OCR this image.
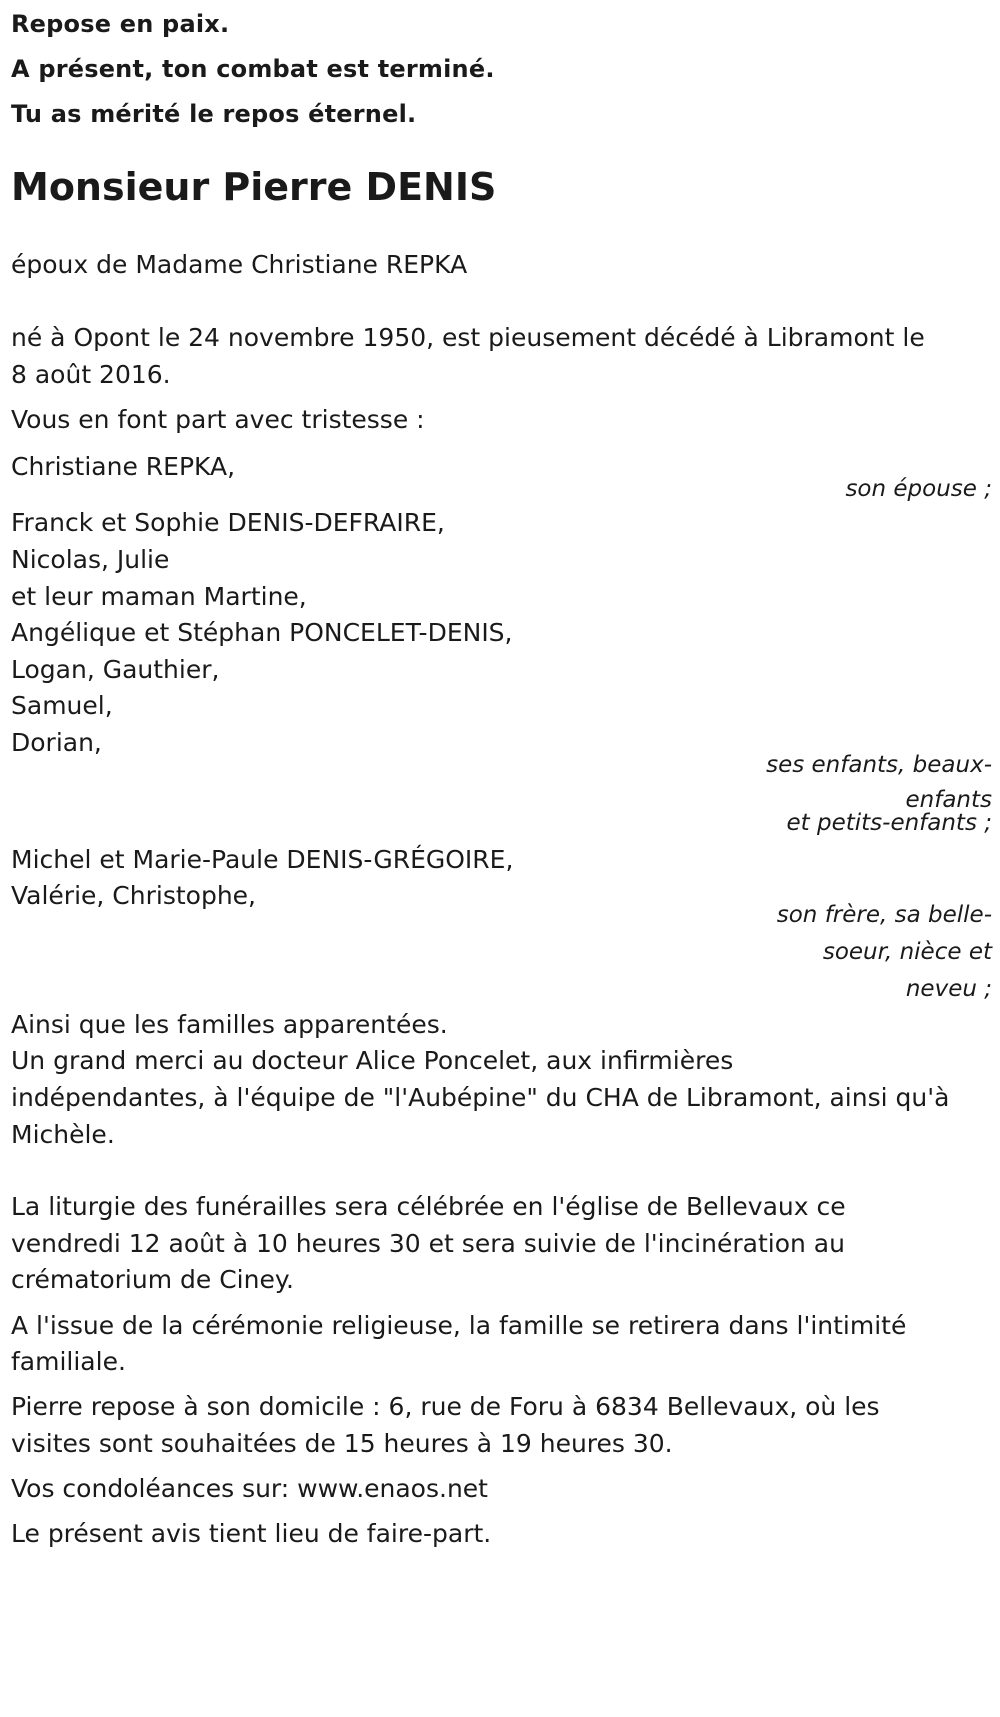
Repose en paix.

A présent, ton combat est terminé.

Tu as mérité le repos éternel.

Monsieur Pierre DENIS

époux de Madame Christiane REPKA

né à Opont le 24 novembre 1950, est pieusement décédé à Libramont le

8 août 2016.

Vous en font part avec tristesse :

Christiane REPKA,

son épouse ;

Franck et Sophie DENIS-DEFRAIRE,

Nicolas, Julie

et leur maman Martine,

Angélique et Stéphan PONCELET-DENIS,

Logan, Gauthier,

Samuel,

Dorian,

ses enfants, beaux-

enfants

et petits-enfants ;

Michel et Marie-Paule DENIS-GRÉGOIRE,

Valérie, Christophe,

son frère, sa belle-

soeur, nièce et

neveu ;

Ainsi que les familles apparentées.

Un grand merci au docteur Alice Poncelet, aux infirmières

indépendantes, à l'équipe de "l'Aubépine" du CHA de Libramont, ainsi qu'à

Michèle.

La liturgie des funérailles sera célébrée en l'église de Bellevaux ce

vendredi 12 août à 10 heures 30 et sera suivie de l'incinération au

crématorium de Ciney.

A l'issue de la cérémonie religieuse, la famille se retirera dans l'intimité

familiale.

Pierre repose à son domicile : 6, rue de Foru à 6834 Bellevaux, où les

visites sont souhaitées de 15 heures à 19 heures 30.

Vos condoléances sur: www.enaos.net

Le présent avis tient lieu de faire-part.
